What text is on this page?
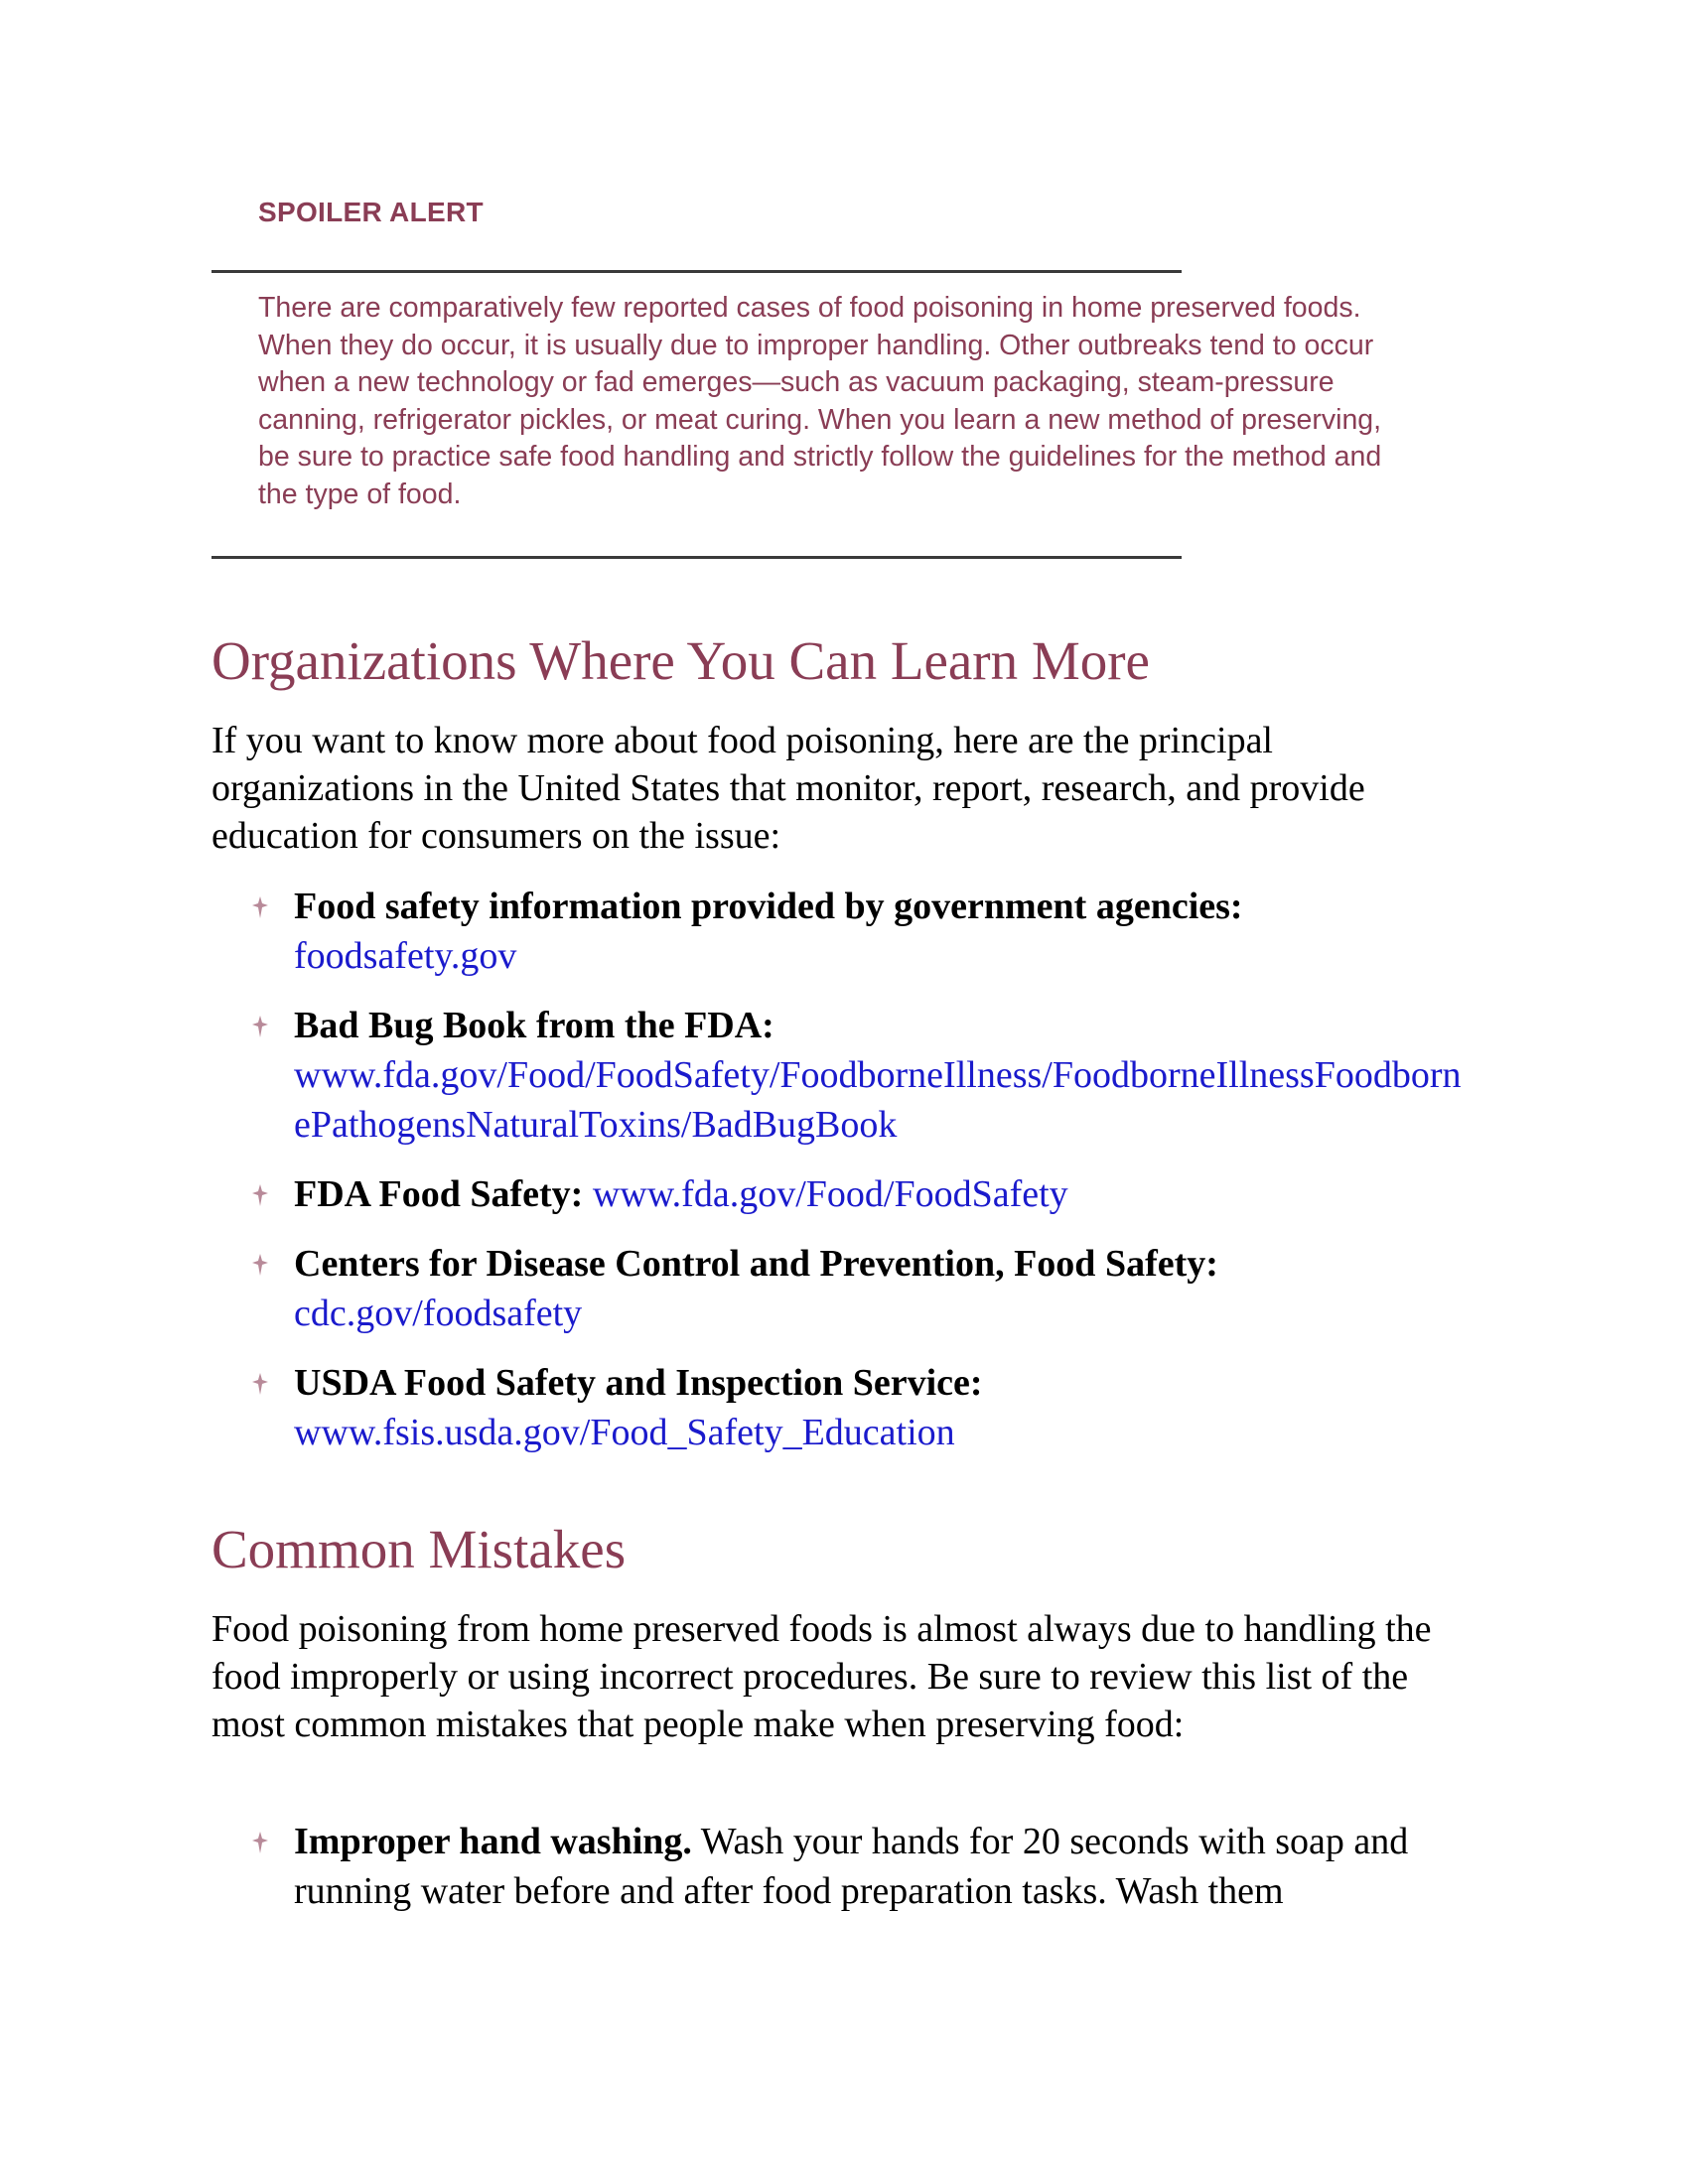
SPOILER ALERT

There are comparatively few reported cases of food poisoning in home preserved foods. When they do occur, it is usually due to improper handling. Other outbreaks tend to occur when a new technology or fad emerges—such as vacuum packaging, steam-pressure canning, refrigerator pickles, or meat curing. When you learn a new method of preserving, be sure to practice safe food handling and strictly follow the guidelines for the method and the type of food.

Organizations Where You Can Learn More

If you want to know more about food poisoning, here are the principal organizations in the United States that monitor, report, research, and provide education for consumers on the issue:

Food safety information provided by government agencies:
foodsafety.gov
Bad Bug Book from the FDA:
www.fda.gov/Food/FoodSafety/FoodborneIllness/FoodborneIllnessFoodbornePathogensNaturalToxins/BadBugBook
FDA Food Safety: www.fda.gov/Food/FoodSafety
Centers for Disease Control and Prevention, Food Safety:
cdc.gov/foodsafety
USDA Food Safety and Inspection Service:
www.fsis.usda.gov/Food_Safety_Education
Common Mistakes

Food poisoning from home preserved foods is almost always due to handling the food improperly or using incorrect procedures. Be sure to review this list of the most common mistakes that people make when preserving food:

Improper hand washing. Wash your hands for 20 seconds with soap and running water before and after food preparation tasks. Wash them
